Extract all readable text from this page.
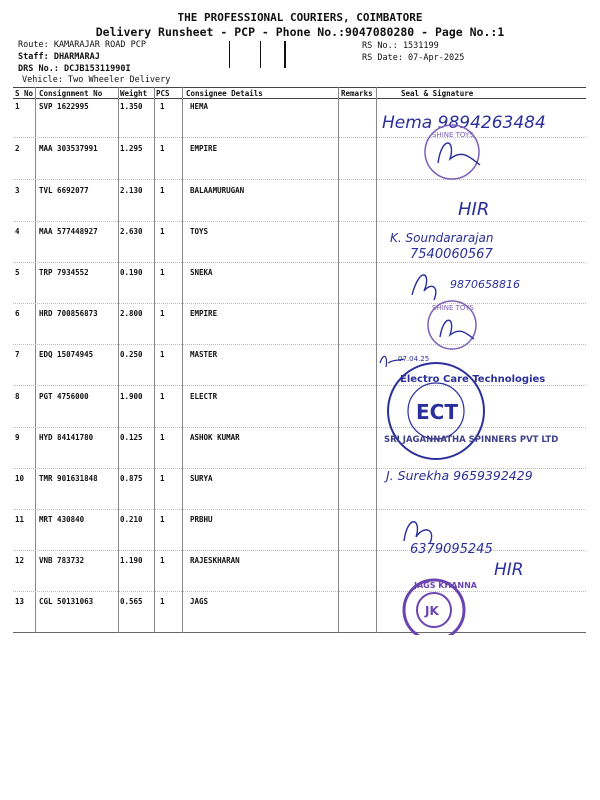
THE PROFESSIONAL COURIERS, COIMBATORE
Delivery Runsheet - PCP - Phone No.:9047080280 - Page No.:1
Route: KAMARAJAR ROAD PCP
Staff: DHARMARAJ
DRS No.: DCJB15311990I
Vehicle: Two Wheeler Delivery
RS No.: 1531199
RS Date: 07-Apr-2025
S No Consignment No Weight PCS Consignee Details	Remarks	Seal & Signature
1	SVP 1622995	1.350 1	HEMA
2	MAA 303537991	1.295 1	EMPIRE
3	TVL 6692077	2.130 1	BALAAMURUGAN
4	MAA 577448927	2.630 1	TOYS
5	TRP 7934552	0.190 1	SNEKA
6	HRD 700856873	2.800 1	EMPIRE
7	EDQ 15074945	0.250 1	MASTER
8	PGT 4756000	1.900 1	ELECTR
9	HYD 84141780	0.125 1	ASHOK KUMAR
10 TMR 901631848	0.875 1	SURYA
11 MRT 430840	0.210 1	PRBHU
12 VNB 783732	1.190 1	RAJESKHARAN
13 CGL 50131063	0.565 1	JAGS
Hema 9894263484
SHINE TOYS
HIR
K. Soundararajan
7540060567
9870658816
SHINE TOYS
07.04.25
Electro Care Technologies
ECT
SRI JAGANNATHA SPINNERS PVT LTD
J. Surekha 9659392429
6379095245
HIR
JAGS KHANNA
JK
